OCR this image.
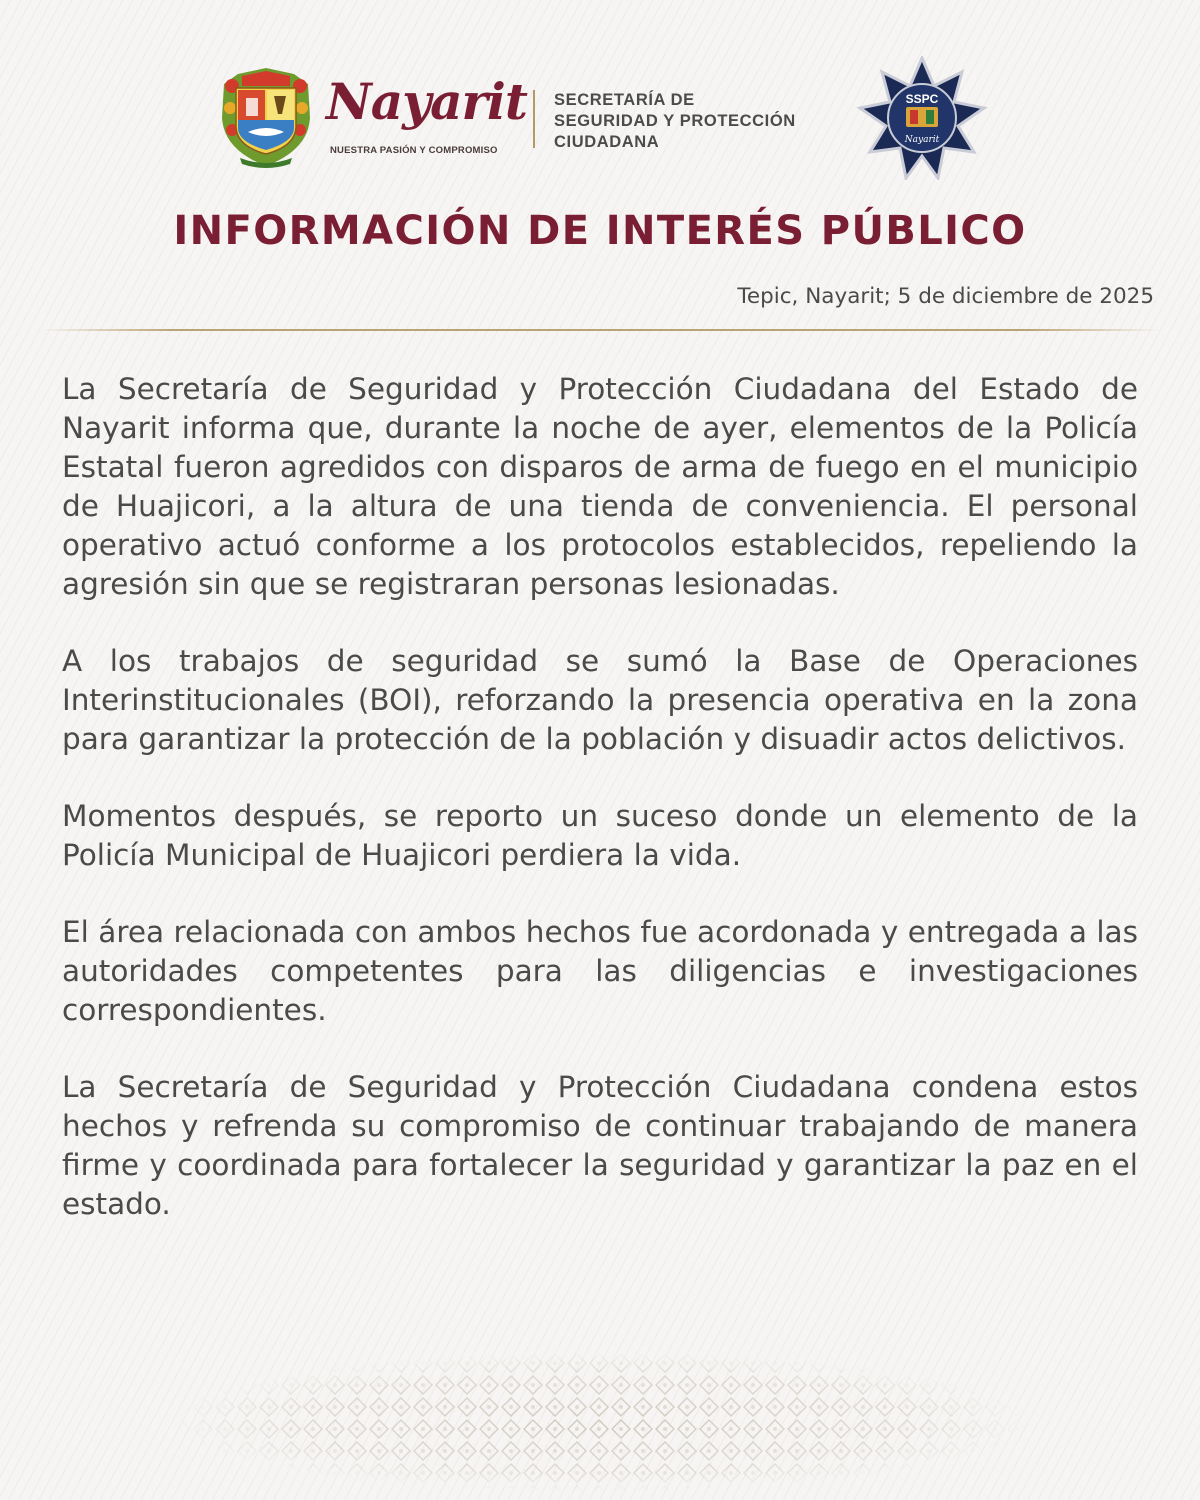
Nayarit
NUESTRA PASIÓN Y COMPROMISO
SECRETARÍA DE
SEGURIDAD Y PROTECCIÓN
CIUDADANA
SSPC
Nayarit
INFORMACIÓN DE INTERÉS PÚBLICO
Tepic, Nayarit; 5 de diciembre de 2025

La Secretaría de Seguridad y Protección Ciudadana del Estado de Nayarit informa que, durante la noche de ayer, elementos de la Policía Estatal fueron agredidos con disparos de arma de fuego en el municipio de Huajicori, a la altura de una tienda de conveniencia. El personal operativo actuó conforme a los protocolos establecidos, repeliendo la agresión sin que se registraran personas lesionadas.

A los trabajos de seguridad se sumó la Base de Operaciones Interinstitucionales (BOI), reforzando la presencia operativa en la zona para garantizar la protección de la población y disuadir actos delictivos.

Momentos después, se reporto un suceso donde un elemento de la Policía Municipal de Huajicori perdiera la vida.

El área relacionada con ambos hechos fue acordonada y entregada a las autoridades competentes para las diligencias e investigaciones correspondientes.

La Secretaría de Seguridad y Protección Ciudadana condena estos hechos y refrenda su compromiso de continuar trabajando de manera firme y coordinada para fortalecer la seguridad y garantizar la paz en el estado.
